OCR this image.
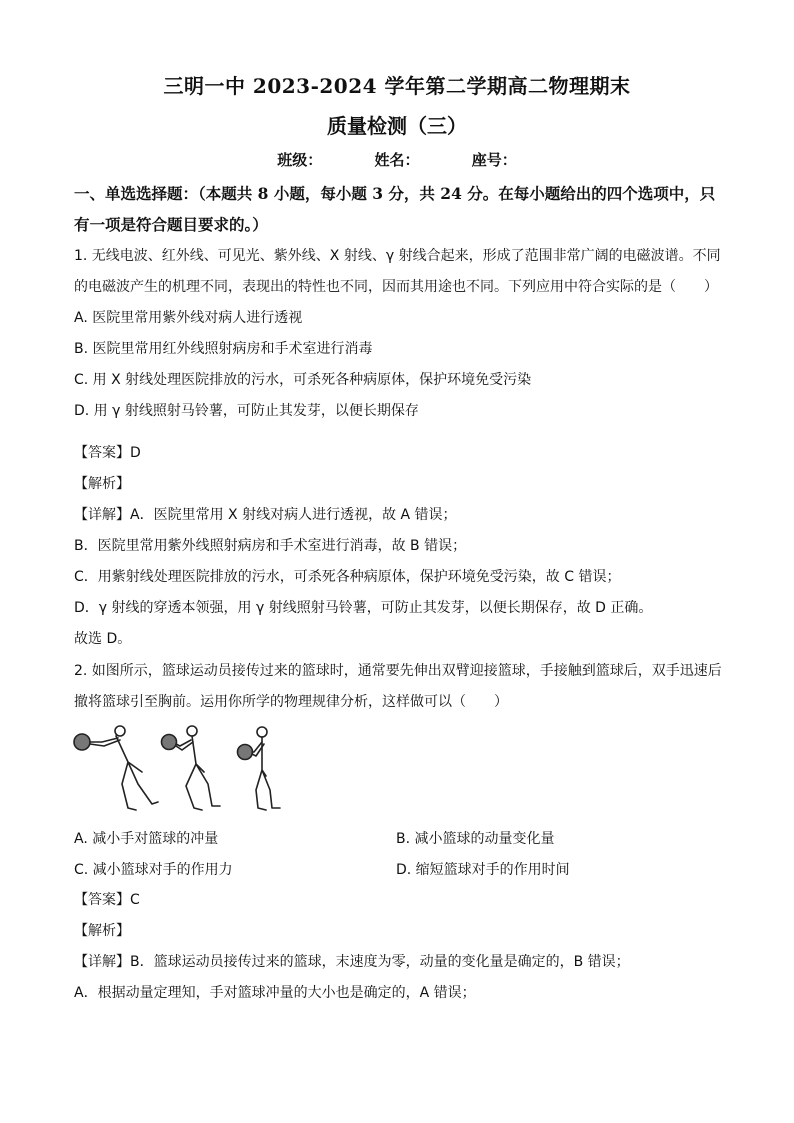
三明一中 2023-2024 学年第二学期高二物理期末
质量检测（三）
班级：          姓名：          座号：
一、单选选择题：（本题共 8 小题，每小题 3 分，共 24 分。在每小题给出的四个选项中，只有一项是符合题目要求的。）
1. 无线电波、红外线、可见光、紫外线、X 射线、γ 射线合起来，形成了范围非常广阔的电磁波谱。不同
的电磁波产生的机理不同，表现出的特性也不同，因而其用途也不同。下列应用中符合实际的是（　　）
A. 医院里常用紫外线对病人进行透视
B. 医院里常用红外线照射病房和手术室进行消毒
C. 用 X 射线处理医院排放的污水，可杀死各种病原体，保护环境免受污染
D. 用 γ 射线照射马铃薯，可防止其发芽，以便长期保存
【答案】D
【解析】
【详解】A．医院里常用 X 射线对病人进行透视，故 A 错误；
B．医院里常用紫外线照射病房和手术室进行消毒，故 B 错误；
C．用紫射线处理医院排放的污水，可杀死各种病原体，保护环境免受污染，故 C 错误；
D．γ 射线的穿透本领强，用 γ 射线照射马铃薯，可防止其发芽，以便长期保存，故 D 正确。
故选 D。
2. 如图所示，篮球运动员接传过来的篮球时，通常要先伸出双臂迎接篮球，手接触到篮球后，双手迅速后
撤将篮球引至胸前。运用你所学的物理规律分析，这样做可以（　　）
A. 减小手对篮球的冲量	B. 减小篮球的动量变化量
C. 减小篮球对手的作用力	D. 缩短篮球对手的作用时间
【答案】C
【解析】
【详解】B．篮球运动员接传过来的篮球，末速度为零，动量的变化量是确定的，B 错误；
A．根据动量定理知，手对篮球冲量的大小也是确定的，A 错误；
